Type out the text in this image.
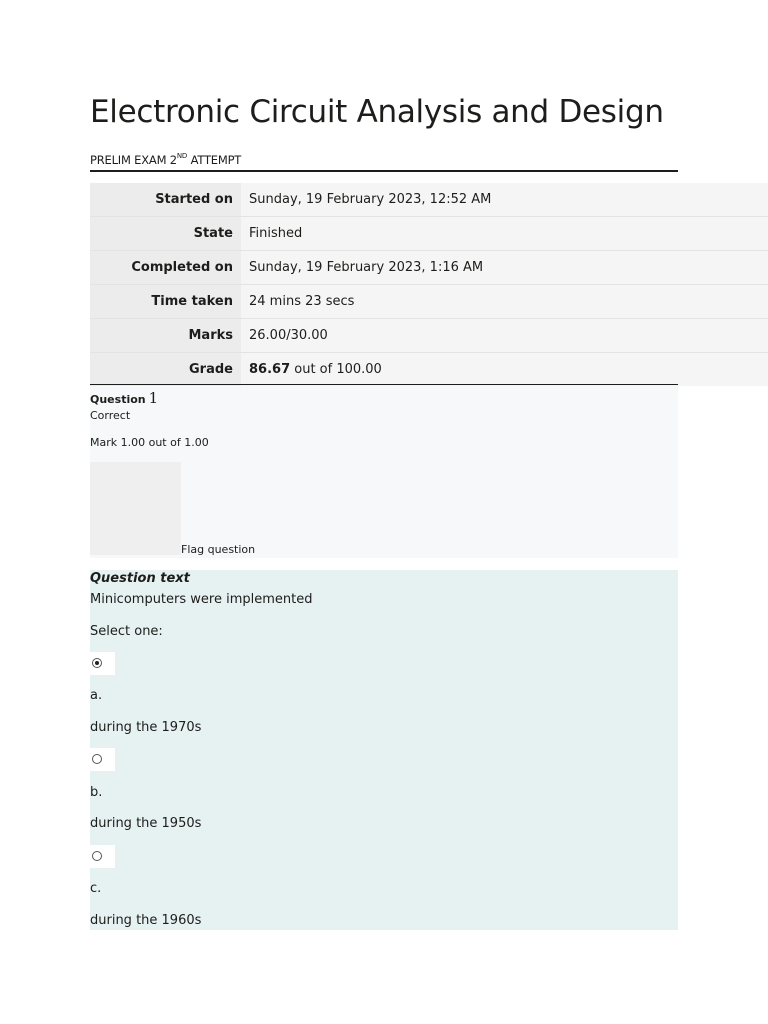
Electronic Circuit Analysis and Design
PRELIM EXAM 2ND ATTEMPT
Started on	Sunday, 19 February 2023, 12:52 AM
State	Finished
Completed on	Sunday, 19 February 2023, 1:16 AM
Time taken	24 mins 23 secs
Marks	26.00/30.00
Grade	86.67 out of 100.00
Question 1
Correct
Mark 1.00 out of 1.00
Flag question
Question text
Minicomputers were implemented
Select one:
a.
during the 1970s
b.
during the 1950s
c.
during the 1960s
